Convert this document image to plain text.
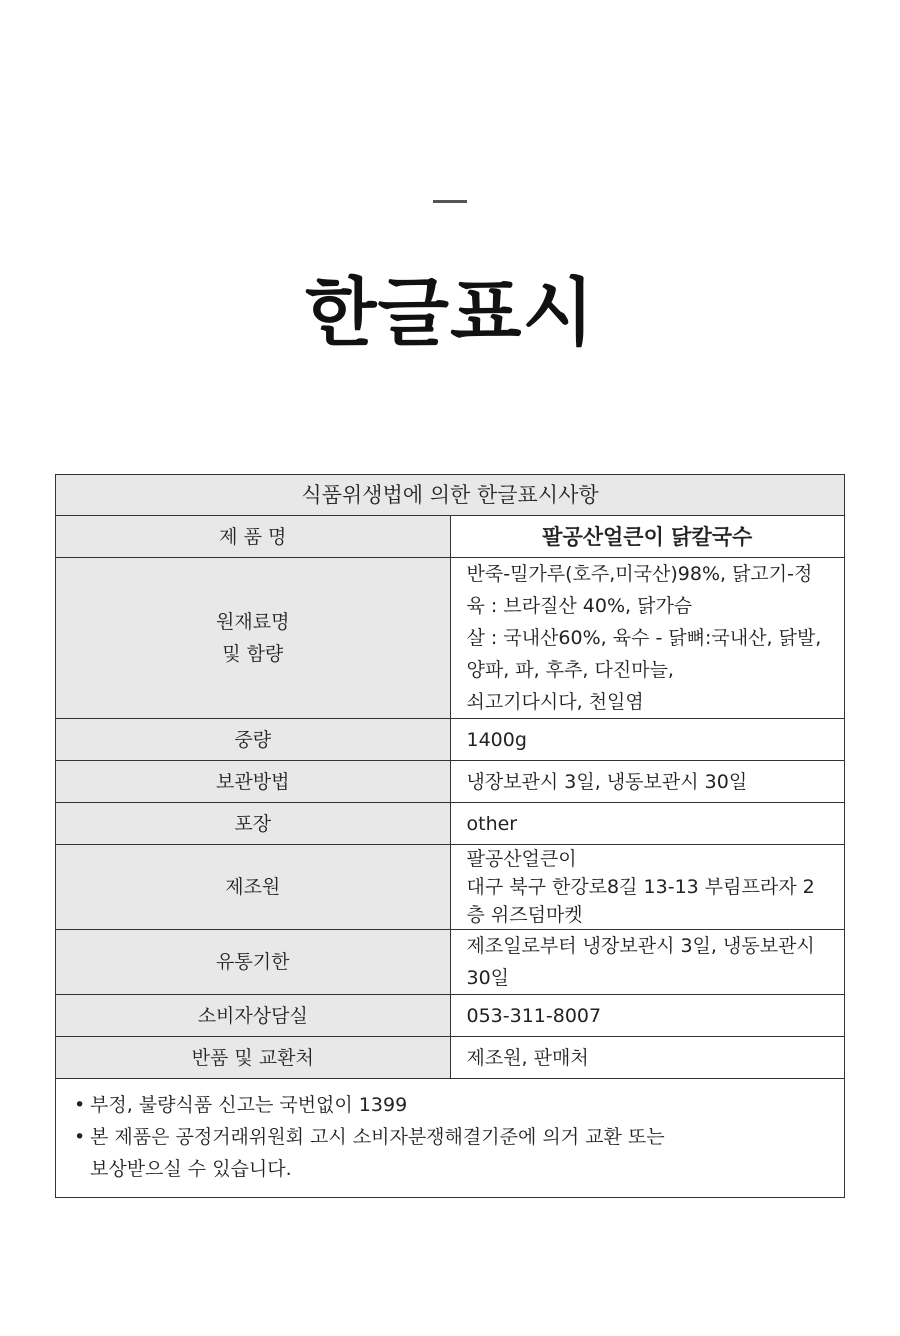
한글표시
식품위생법에 의한 한글표시사항	
제 품 명	팔공산얼큰이 닭칼국수

원재료명
및 함량	반죽-밀가루(호주,미국산)98%, 닭고기-정육 : 브라질산 40%, 닭가슴
살 : 국내산60%, 육수 - 닭뼈:국내산, 닭발, 양파, 파, 후추, 다진마늘,
쇠고기다시다, 천일염

중량	1400g
보관방법	냉장보관시 3일, 냉동보관시 30일
포장	other
제조원	팔공산얼큰이
대구 북구 한강로8길 13-13 부림프라자 2층 위즈덤마켓

유통기한	제조일로부터 냉장보관시 3일, 냉동보관시 30일
소비자상담실	053-311-8007
반품 및 교환처	제조원, 판매처

• 부정, 불량식품 신고는 국번없이 1399
• 본 제품은 공정거래위원회 고시 소비자분쟁해결기준에 의거 교환 또는
보상받으실 수 있습니다.	
